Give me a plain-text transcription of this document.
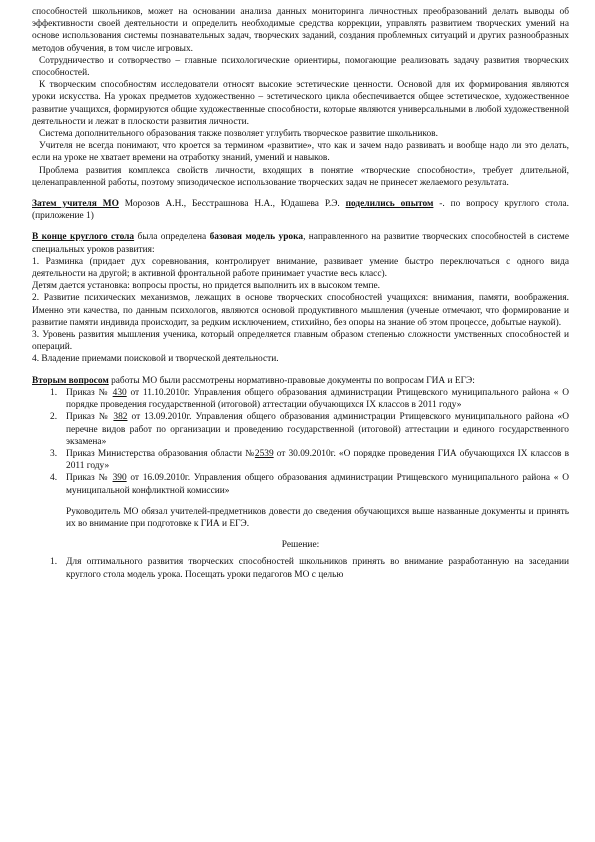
способностей школьников, может на основании анализа данных мониторинга личностных преобразований делать выводы об эффективности своей деятельности и определить необходимые средства коррекции, управлять развитием творческих умений на основе использования системы познавательных задач, творческих заданий, создания проблемных ситуаций и других разнообразных методов обучения, в том числе игровых.

Сотрудничество и сотворчество – главные психологические ориентиры, помогающие реализовать задачу развития творческих способностей.

К творческим способностям исследователи относят высокие эстетические ценности. Основой для их формирования являются уроки искусства. На уроках предметов художественно – эстетического цикла обеспечивается общее эстетическое, художественное развитие учащихся, формируются общие художественные способности, которые являются универсальными в любой художественной деятельности и лежат в плоскости развития личности.

Система дополнительного образования также позволяет углубить творческое развитие школьников.

Учителя не всегда понимают, что кроется за термином «развитие», что как и зачем надо развивать и вообще надо ли это делать, если на уроке не хватает времени на отработку знаний, умений и навыков.

Проблема развития комплекса свойств личности, входящих в понятие «творческие способности», требует длительной, целенаправленной работы, поэтому эпизодическое использование творческих задач не принесет желаемого результата.

Затем учителя МО Морозов А.Н., Бесстрашнова Н.А., Юдашева Р.Э. поделились опытом -. по вопросу круглого стола. (приложение 1)

В конце круглого стола была определена базовая модель урока, направленного на развитие творческих способностей в системе специальных уроков развития:

1. Разминка (придает дух соревнования, контролирует внимание, развивает умение быстро переключаться с одного вида деятельности на другой; в активной фронтальной работе принимает участие весь класс).

Детям дается установка: вопросы просты, но придется выполнить их в высоком темпе.

2. Развитие психических механизмов, лежащих в основе творческих способностей учащихся: внимания, памяти, воображения. Именно эти качества, по данным психологов, являются основой продуктивного мышления (ученые отмечают, что формирование и развитие памяти индивида происходит, за редким исключением, стихийно, без опоры на знание об этом процессе, добытые наукой).

3. Уровень развития мышления ученика, который определяется главным образом степенью сложности умственных способностей и операций.

4. Владение приемами поисковой и творческой деятельности.

Вторым вопросом работы МО были рассмотрены нормативно-правовые документы по вопросам ГИА и ЕГЭ:

1. Приказ № 430 от 11.10.2010г. Управления общего образования администрации Ртищевского муниципального района « О порядке проведения государственной (итоговой) аттестации обучающихся IX классов в 2011 году»
2. Приказ № 382 от 13.09.2010г. Управления общего образования администрации Ртищевского муниципального района «О перечне видов работ по организации и проведению государственной (итоговой) аттестации и единого государственного экзамена»
3. Приказ Министерства образования области №2539 от 30.09.2010г. «О порядке проведения ГИА обучающихся IX классов в 2011 году»
4. Приказ № 390 от 16.09.2010г. Управления общего образования администрации Ртищевского муниципального района « О муниципальной конфликтной комиссии»

Руководитель МО обязал учителей-предметников довести до сведения обучающихся выше названные документы и принять их во внимание при подготовке к ГИА и ЕГЭ.

Решение:

1. Для оптимального развития творческих способностей школьников принять во внимание разработанную на заседании круглого стола модель урока. Посещать уроки педагогов МО с целью
